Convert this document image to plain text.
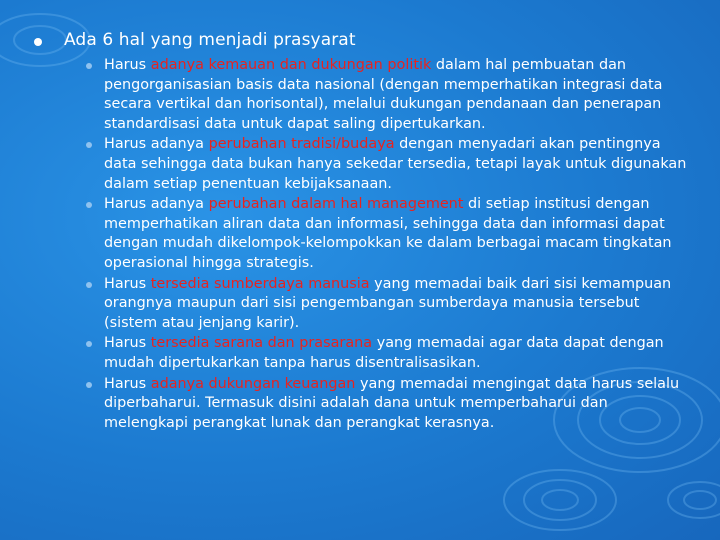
Ada 6 hal yang menjadi prasyarat
Harus adanya kemauan dan dukungan politik dalam hal pembuatan dan pengorganisasian basis data nasional (dengan memperhatikan integrasi data secara vertikal dan horisontal), melalui dukungan pendanaan dan penerapan standardisasi data untuk dapat saling dipertukarkan.
Harus adanya perubahan tradisi/budaya dengan menyadari akan pentingnya data sehingga data bukan hanya sekedar tersedia, tetapi layak untuk digunakan dalam setiap penentuan kebijaksanaan.
Harus adanya perubahan dalam hal management di setiap institusi dengan memperhatikan aliran data dan informasi, sehingga data dan informasi dapat dengan mudah dikelompok-kelompokkan ke dalam berbagai macam tingkatan operasional hingga strategis.
Harus tersedia sumberdaya manusia yang memadai baik dari sisi kemampuan orangnya maupun dari sisi pengembangan sumberdaya manusia tersebut (sistem atau jenjang karir).
Harus tersedia sarana dan prasarana yang memadai agar data dapat dengan mudah dipertukarkan tanpa harus disentralisasikan.
Harus adanya dukungan keuangan yang memadai mengingat data harus selalu diperbaharui. Termasuk disini adalah dana untuk memperbaharui dan melengkapi perangkat lunak dan perangkat kerasnya.
